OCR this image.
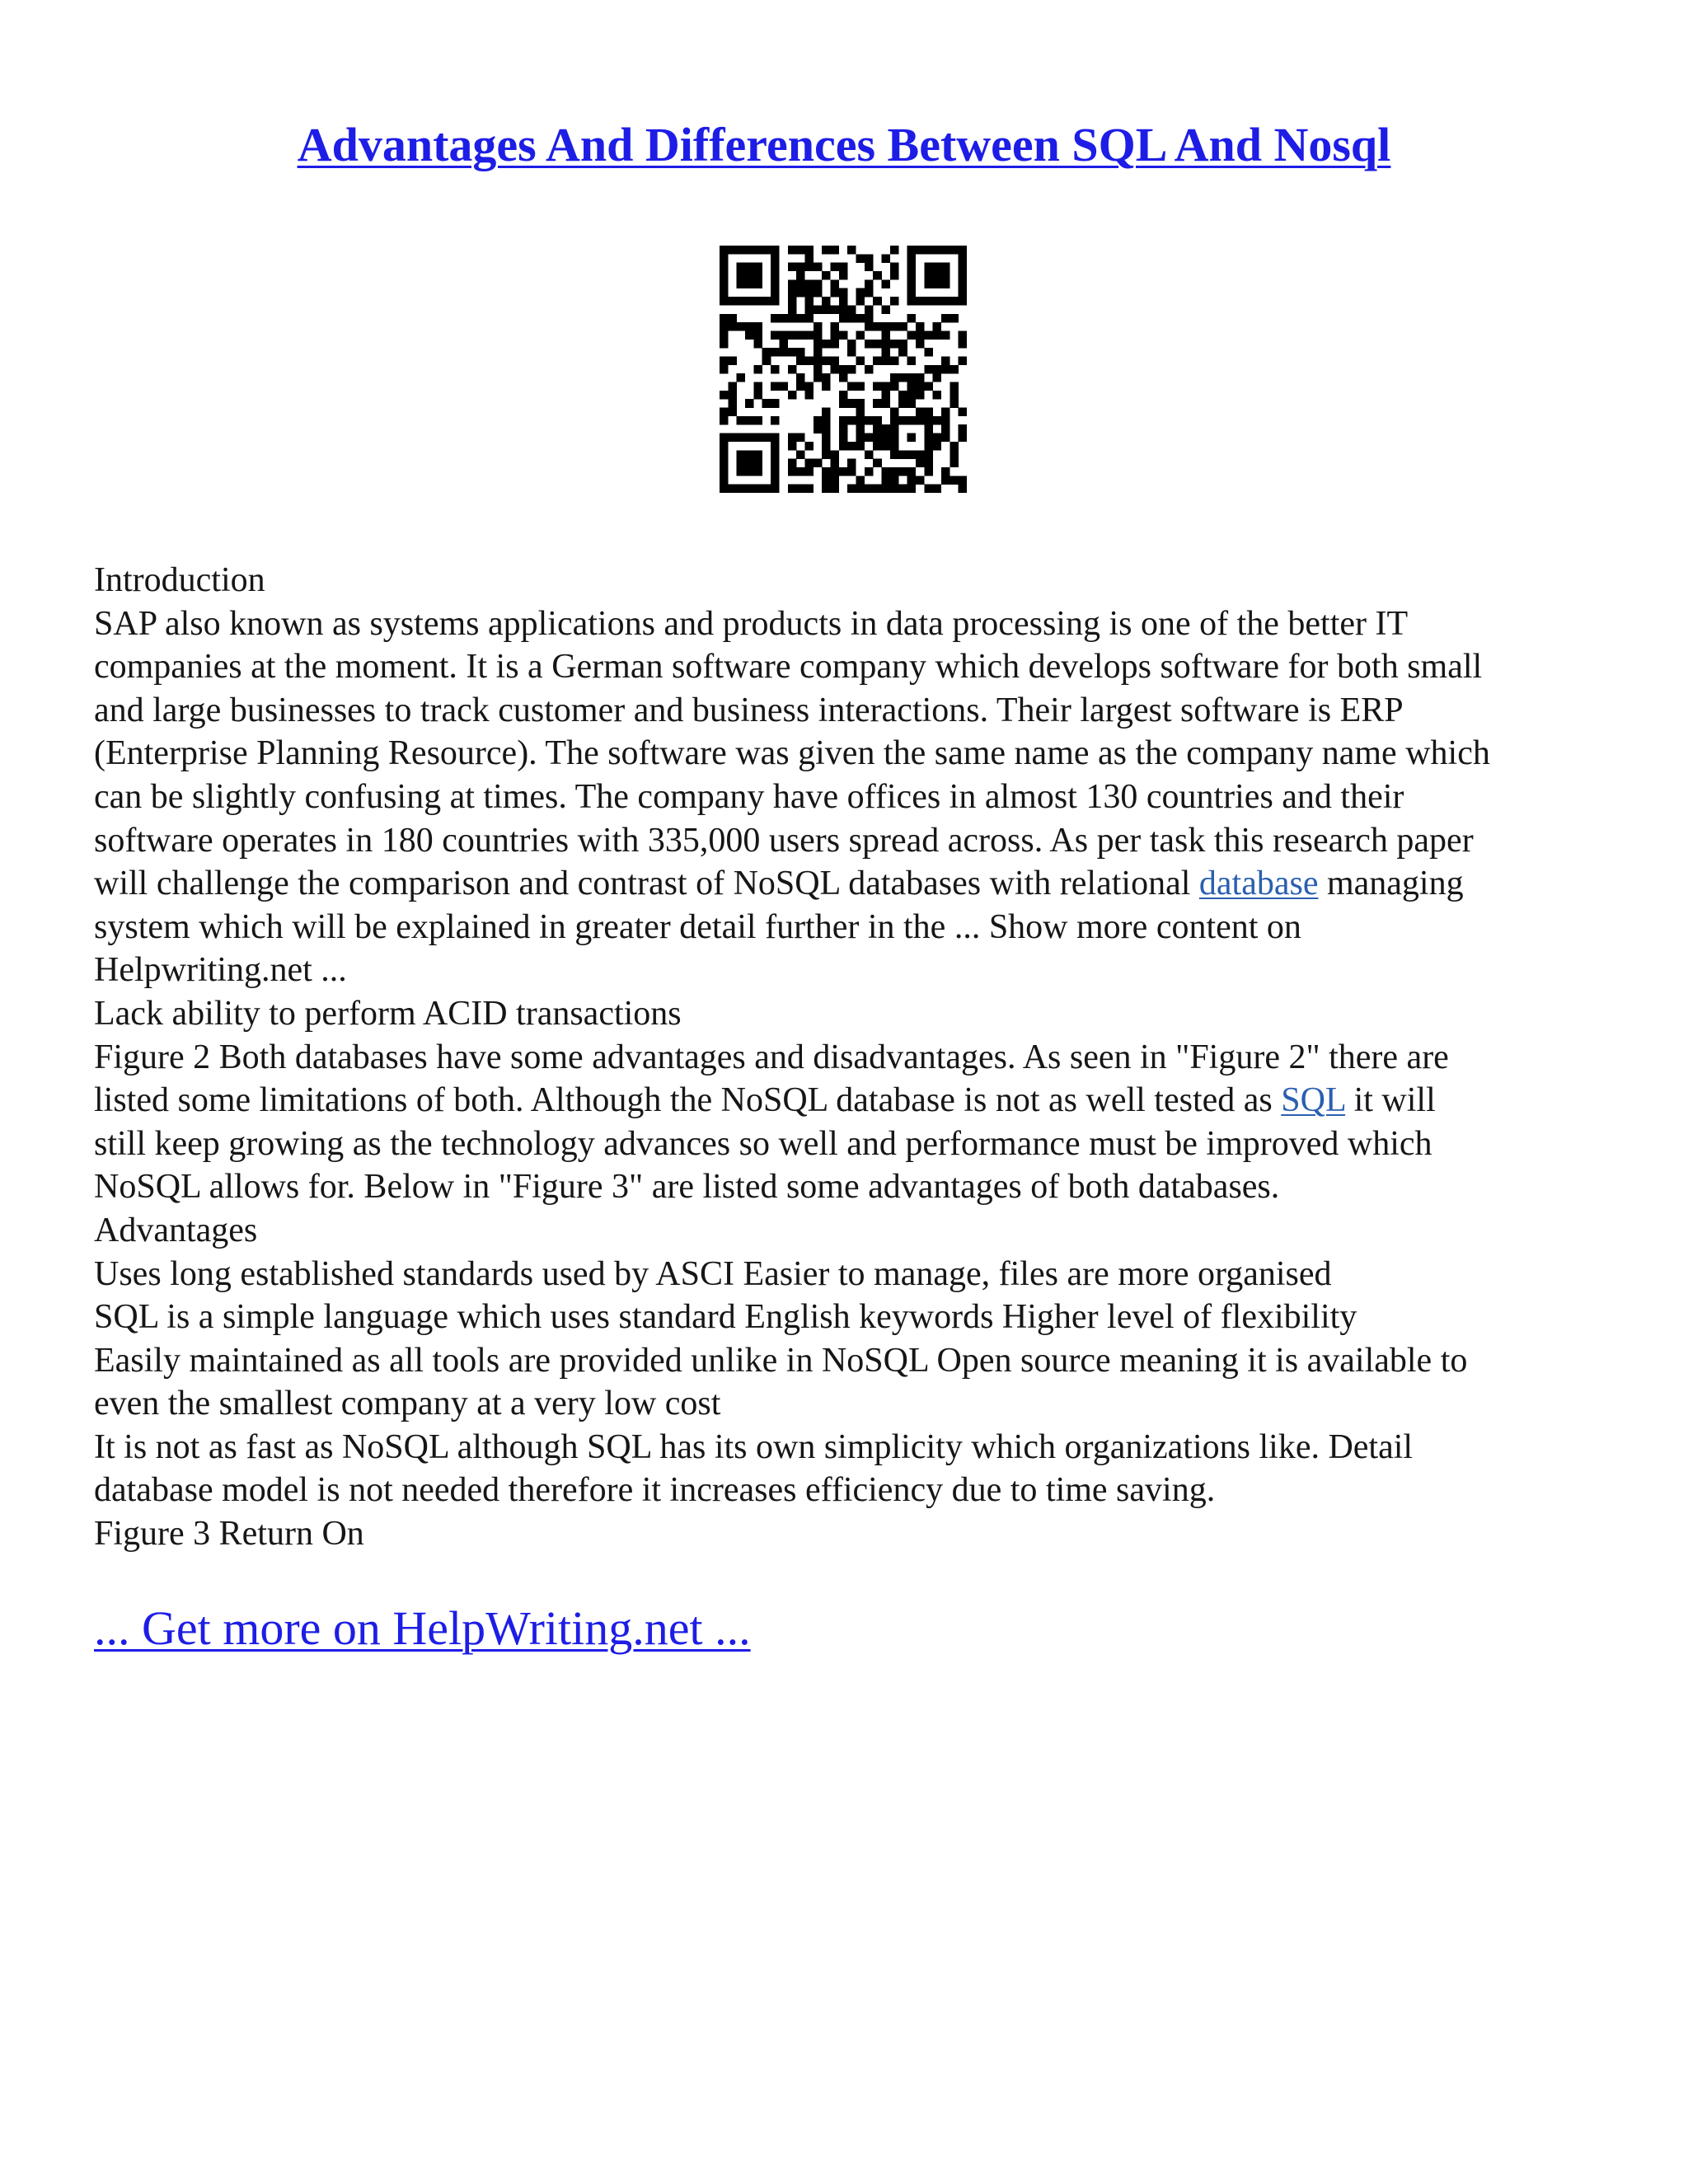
Advantages And Differences Between SQL And Nosql
Introduction
SAP also known as systems applications and products in data processing is one of the better IT
companies at the moment. It is a German software company which develops software for both small
and large businesses to track customer and business interactions. Their largest software is ERP
(Enterprise Planning Resource). The software was given the same name as the company name which
can be slightly confusing at times. The company have offices in almost 130 countries and their
software operates in 180 countries with 335,000 users spread across. As per task this research paper
will challenge the comparison and contrast of NoSQL databases with relational database managing
system which will be explained in greater detail further in the ... Show more content on
Helpwriting.net ...
Lack ability to perform ACID transactions
Figure 2 Both databases have some advantages and disadvantages. As seen in "Figure 2" there are
listed some limitations of both. Although the NoSQL database is not as well tested as SQL it will
still keep growing as the technology advances so well and performance must be improved which
NoSQL allows for. Below in "Figure 3" are listed some advantages of both databases.
Advantages
Uses long established standards used by ASCI Easier to manage, files are more organised
SQL is a simple language which uses standard English keywords Higher level of flexibility
Easily maintained as all tools are provided unlike in NoSQL Open source meaning it is available to
even the smallest company at a very low cost
It is not as fast as NoSQL although SQL has its own simplicity which organizations like. Detail
database model is not needed therefore it increases efficiency due to time saving.
Figure 3 Return On
... Get more on HelpWriting.net ...
